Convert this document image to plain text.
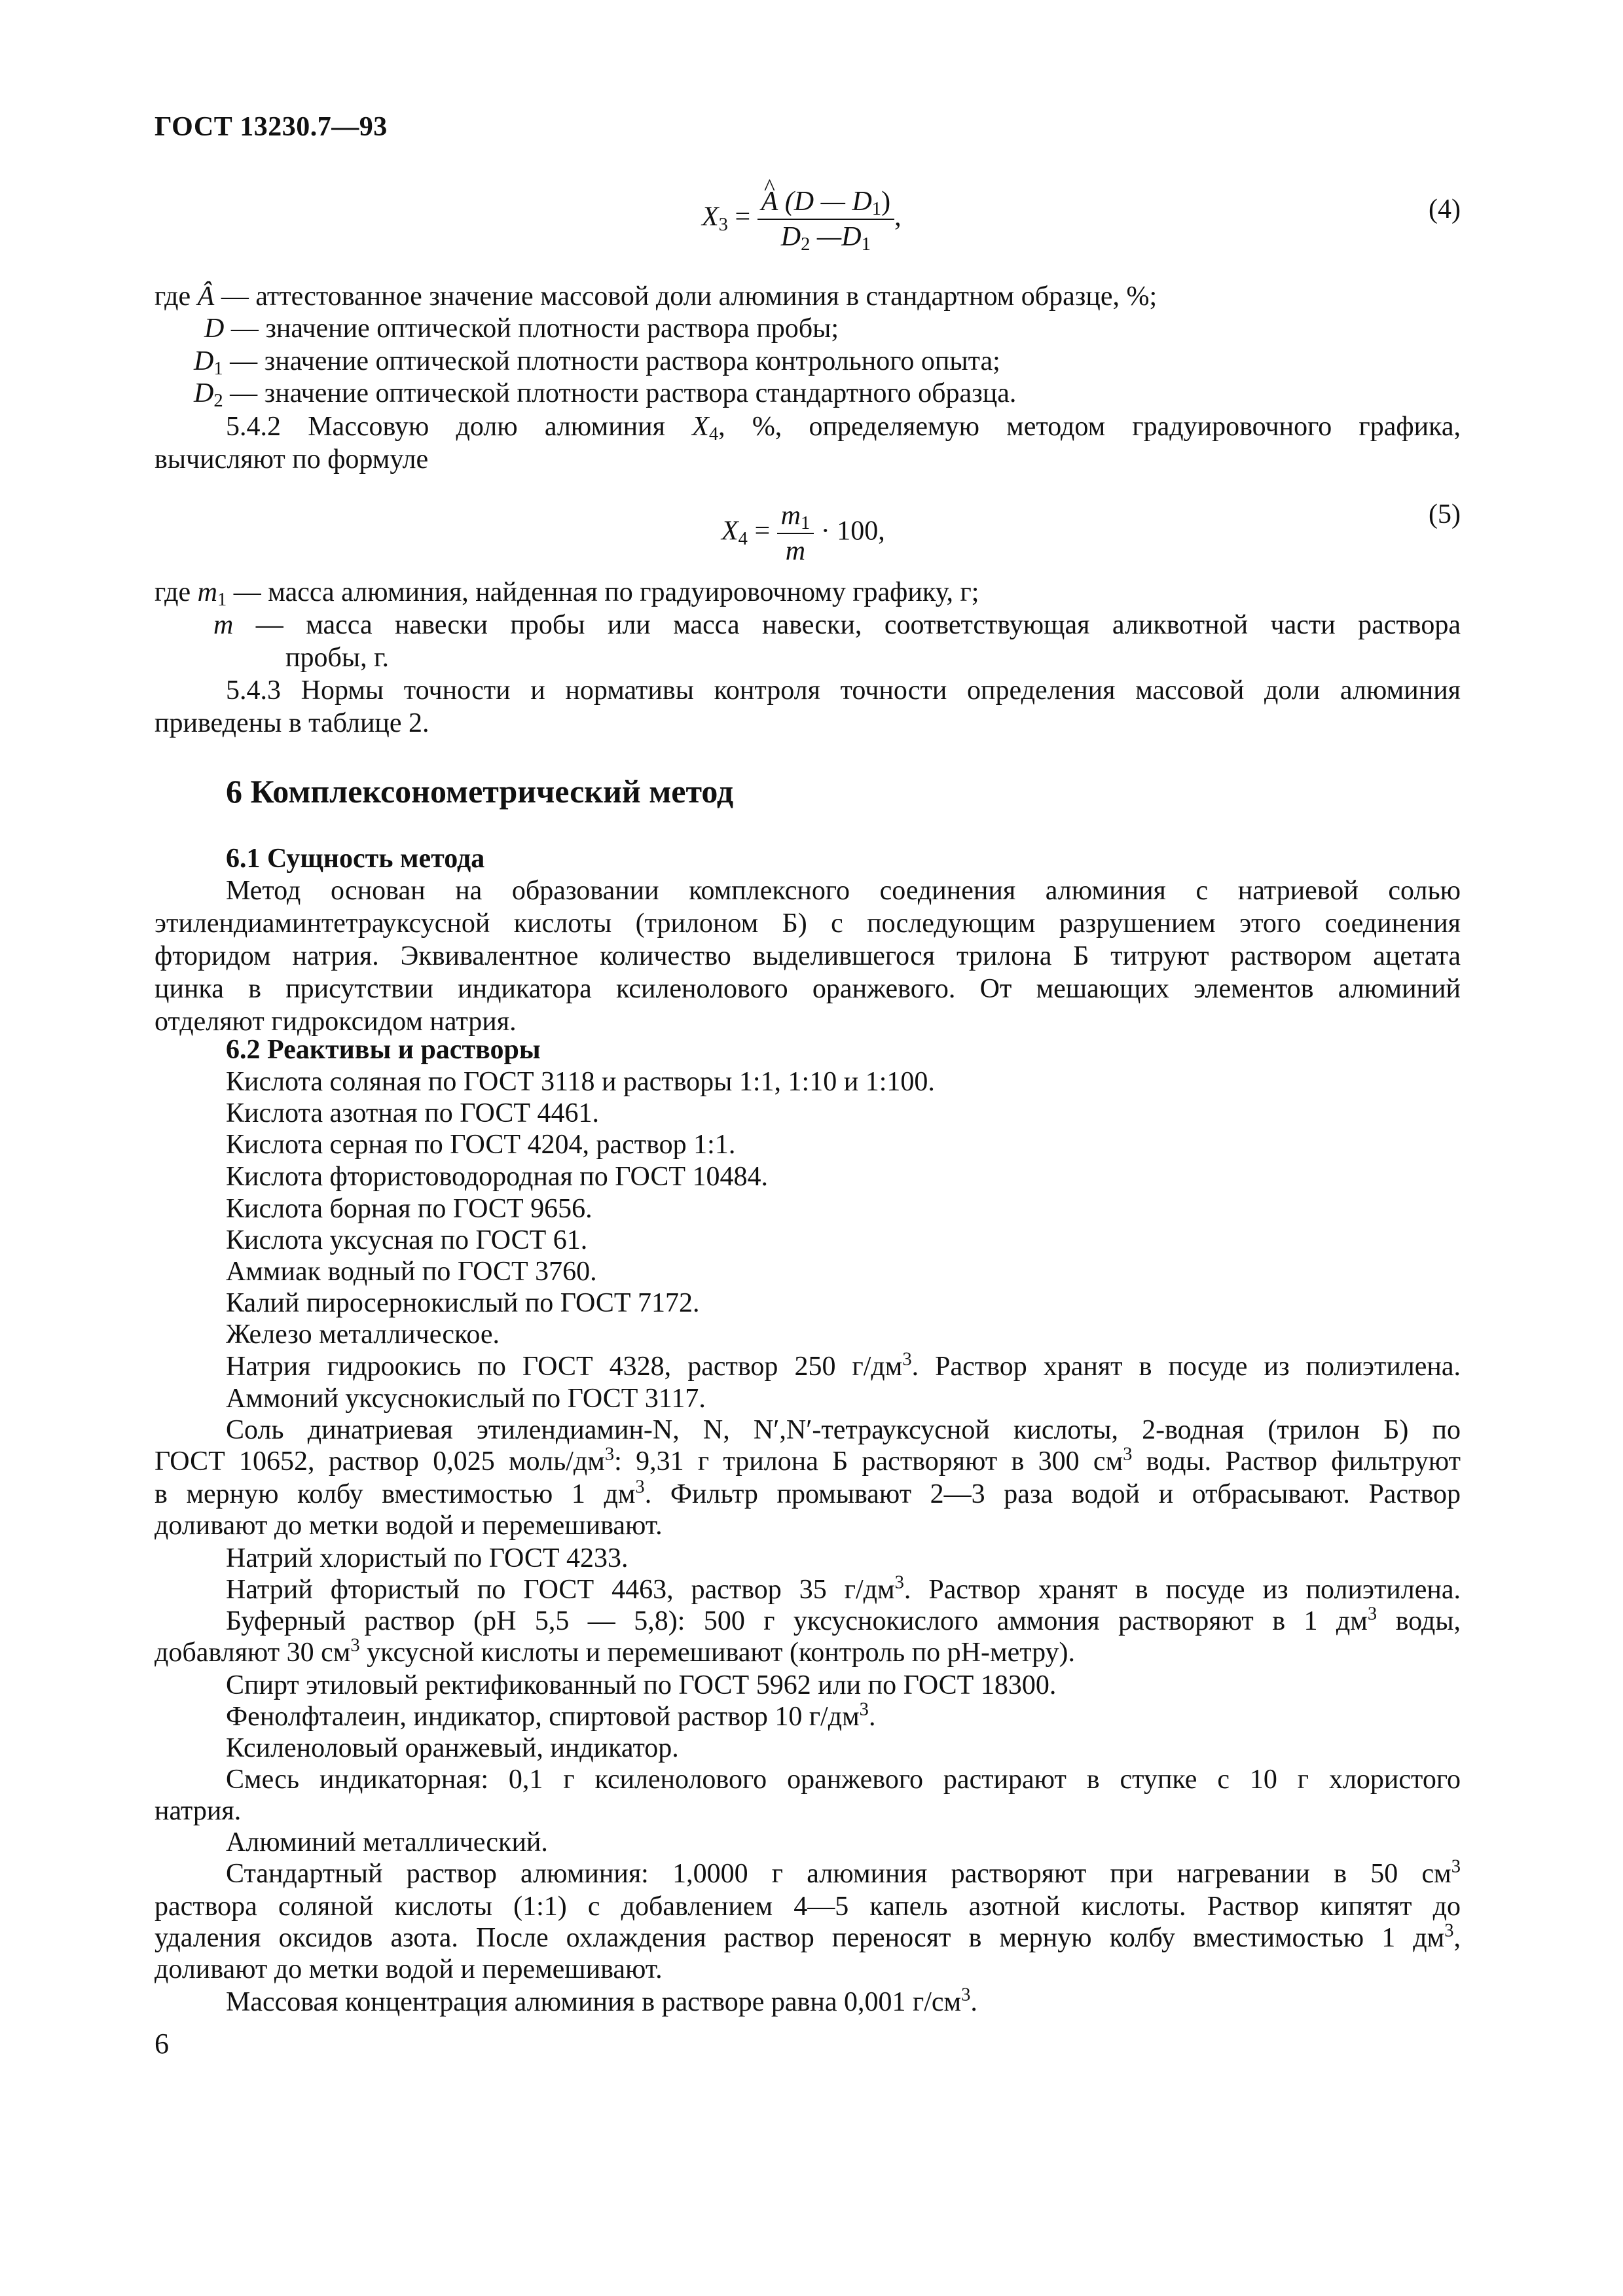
ГОСТ 13230.7—93
$X_3$ =
^ $\frac{A (D — D_1)}{D_2 —D_1}$ ,	(4)
где Â — аттестованное значение массовой доли алюминия в стандартном образце, %;
D — значение оптической плотности раствора пробы;
$D_1$ — значение оптической плотности раствора контрольного опыта;
$D_2$ — значение оптической плотности раствора стандартного образца.
5.4.2 Массовую долю алюминия $X_4$, %, определяемую методом градуировочного графика,
вычисляют по формуле
$X_4 = \frac{m_1}{m} \cdot 100$,
(5)
где $m_1$ — масса алюминия, найденная по градуировочному графику, г;
m — масса навески пробы или масса навески, соответствующая аликвотной части раствора
пробы, г.
5.4.3 Нормы точности и нормативы контроля точности определения массовой доли алюминия
приведены в таблице 2.
6 Комплексонометрический метод
6.1 Сущность метода
Метод основан на образовании комплексного соединения алюминия с натриевой солью
этилендиаминтетрауксусной кислоты (трилоном Б) с последующим разрушением этого соединения
фторидом натрия. Эквивалентное количество выделившегося трилона Б титруют раствором ацетата
цинка в присутствии индикатора ксиленолового оранжевого. От мешающих элементов алюминий
отделяют гидроксидом натрия.
6.2 Реактивы и растворы
Кислота соляная по ГОСТ 3118 и растворы 1:1, 1:10 и 1:100.
Кислота азотная по ГОСТ 4461.
Кислота серная по ГОСТ 4204, раствор 1:1.
Кислота фтористоводородная по ГОСТ 10484.
Кислота борная по ГОСТ 9656.
Кислота уксусная по ГОСТ 61.
Аммиак водный по ГОСТ 3760.
Калий пиросернокислый по ГОСТ 7172.
Железо металлическое.
Натрия гидроокись по ГОСТ 4328, раствор 250 $г/дм^3$. Раствор хранят в посуде из полиэтилена.
Аммоний уксуснокислый по ГОСТ 3117.
Соль динатриевая этилендиамин-N, N, N′,N′-тетрауксусной кислоты, 2-водная (трилон Б) по
ГОСТ 10652, раствор 0,025 моль/$дм^3$: 9,31 г трилона Б растворяют в 300 $см^3$ воды. Раствор фильтруют
в мерную колбу вместимостью 1 $дм^3$. Фильтр промывают 2—3 раза водой и отбрасывают. Раствор
доливают до метки водой и перемешивают.
Натрий хлористый по ГОСТ 4233.
Натрий фтористый по ГОСТ 4463, раствор 35 $г/дм^3$. Раствор хранят в посуде из полиэтилена.
Буферный раствор (pH 5,5 — 5,8): 500 г уксуснокислого аммония растворяют в 1 $дм^3$ воды,
добавляют 30 $см^3$ уксусной кислоты и перемешивают (контроль по pH-метру).
Спирт этиловый ректификованный по ГОСТ 5962 или по ГОСТ 18300.
Фенолфталеин, индикатор, спиртовой раствор 10 $г/дм^3$.
Ксиленоловый оранжевый, индикатор.
Смесь индикаторная: 0,1 г ксиленолового оранжевого растирают в ступке с 10 г хлористого
натрия.
Алюминий металлический.
Стандартный раствор алюминия: 1,0000 г алюминия растворяют при нагревании в 50 $см^3$
раствора соляной кислоты (1:1) с добавлением 4—5 капель азотной кислоты. Раствор кипятят до
удаления оксидов азота. После охлаждения раствор переносят в мерную колбу вместимостью 1 $дм^3$,
доливают до метки водой и перемешивают.
Массовая концентрация алюминия в растворе равна 0,001 $г/см^3$.
6
